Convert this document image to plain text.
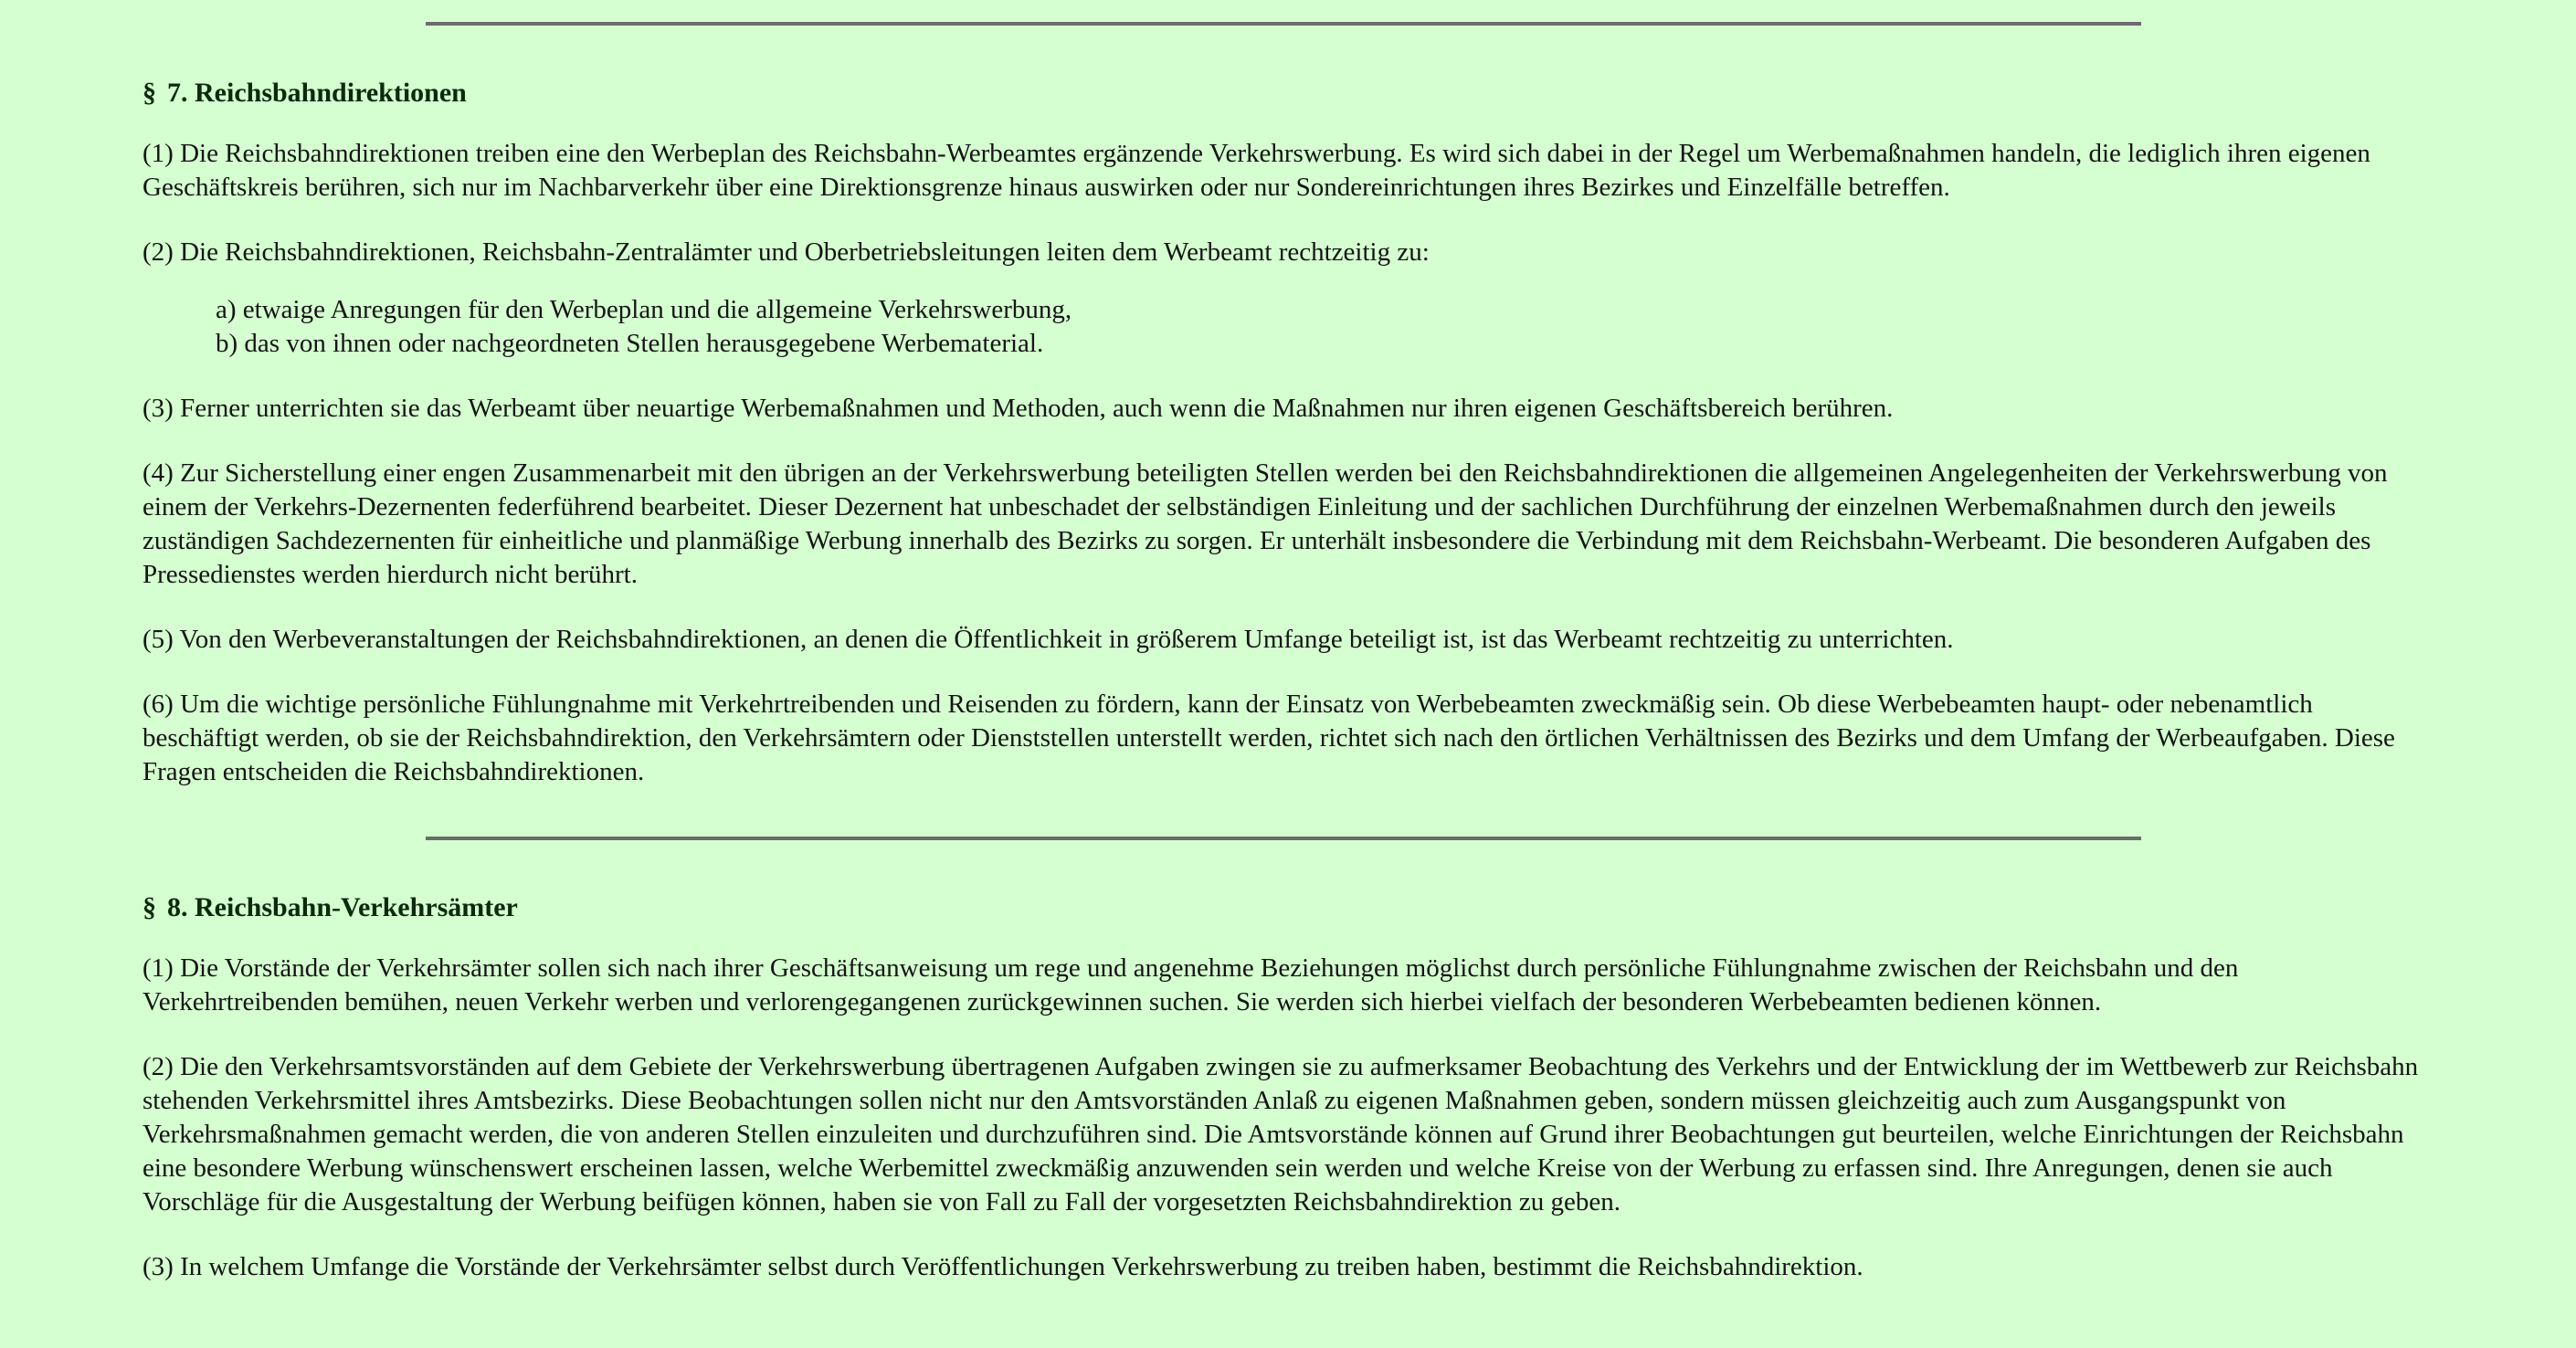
§ 7. Reichsbahndirektionen

(1) Die Reichsbahndirektionen treiben eine den Werbeplan des Reichsbahn-Werbeamtes ergänzende Verkehrswerbung. Es wird sich dabei in der Regel um Werbemaßnahmen handeln, die lediglich ihren eigenen Geschäftskreis berühren, sich nur im Nachbarverkehr über eine Direktionsgrenze hinaus auswirken oder nur Sondereinrichtungen ihres Bezirkes und Einzelfälle betreffen.

(2) Die Reichsbahndirektionen, Reichsbahn-Zentralämter und Oberbetriebsleitungen leiten dem Werbeamt rechtzeitig zu:

a) etwaige Anregungen für den Werbeplan und die allgemeine Verkehrswerbung,
b) das von ihnen oder nachgeordneten Stellen herausgegebene Werbematerial.

(3) Ferner unterrichten sie das Werbeamt über neuartige Werbemaßnahmen und Methoden, auch wenn die Maßnahmen nur ihren eigenen Geschäftsbereich berühren.

(4) Zur Sicherstellung einer engen Zusammenarbeit mit den übrigen an der Verkehrswerbung beteiligten Stellen werden bei den Reichsbahndirektionen die allgemeinen Angelegenheiten der Verkehrswerbung von einem der Verkehrs-Dezernenten federführend bearbeitet. Dieser Dezernent hat unbeschadet der selbständigen Einleitung und der sachlichen Durchführung der einzelnen Werbemaßnahmen durch den jeweils zuständigen Sachdezernenten für einheitliche und planmäßige Werbung innerhalb des Bezirks zu sorgen. Er unterhält insbesondere die Verbindung mit dem Reichsbahn-Werbeamt. Die besonderen Aufgaben des Pressedienstes werden hierdurch nicht berührt.

(5) Von den Werbeveranstaltungen der Reichsbahndirektionen, an denen die Öffentlichkeit in größerem Umfange beteiligt ist, ist das Werbeamt rechtzeitig zu unterrichten.

(6) Um die wichtige persönliche Fühlungnahme mit Verkehrtreibenden und Reisenden zu fördern, kann der Einsatz von Werbebeamten zweckmäßig sein. Ob diese Werbebeamten haupt- oder nebenamtlich beschäftigt werden, ob sie der Reichsbahndirektion, den Verkehrsämtern oder Dienststellen unterstellt werden, richtet sich nach den örtlichen Verhältnissen des Bezirks und dem Umfang der Werbeaufgaben. Diese Fragen entscheiden die Reichsbahndirektionen.

§ 8. Reichsbahn-Verkehrsämter

(1) Die Vorstände der Verkehrsämter sollen sich nach ihrer Geschäftsanweisung um rege und angenehme Beziehungen möglichst durch persönliche Fühlungnahme zwischen der Reichsbahn und den Verkehrtreibenden bemühen, neuen Verkehr werben und verlorengegangenen zurückgewinnen suchen. Sie werden sich hierbei vielfach der besonderen Werbebeamten bedienen können.

(2) Die den Verkehrsamtsvorständen auf dem Gebiete der Verkehrswerbung übertragenen Aufgaben zwingen sie zu aufmerksamer Beobachtung des Verkehrs und der Entwicklung der im Wettbewerb zur Reichsbahn stehenden Verkehrsmittel ihres Amtsbezirks. Diese Beobachtungen sollen nicht nur den Amtsvorständen Anlaß zu eigenen Maßnahmen geben, sondern müssen gleichzeitig auch zum Ausgangspunkt von Verkehrsmaßnahmen gemacht werden, die von anderen Stellen einzuleiten und durchzuführen sind. Die Amtsvorstände können auf Grund ihrer Beobachtungen gut beurteilen, welche Einrichtungen der Reichsbahn eine besondere Werbung wünschenswert erscheinen lassen, welche Werbemittel zweckmäßig anzuwenden sein werden und welche Kreise von der Werbung zu erfassen sind. Ihre Anregungen, denen sie auch Vorschläge für die Ausgestaltung der Werbung beifügen können, haben sie von Fall zu Fall der vorgesetzten Reichsbahndirektion zu geben.

(3) In welchem Umfange die Vorstände der Verkehrsämter selbst durch Veröffentlichungen Verkehrswerbung zu treiben haben, bestimmt die Reichsbahndirektion.
